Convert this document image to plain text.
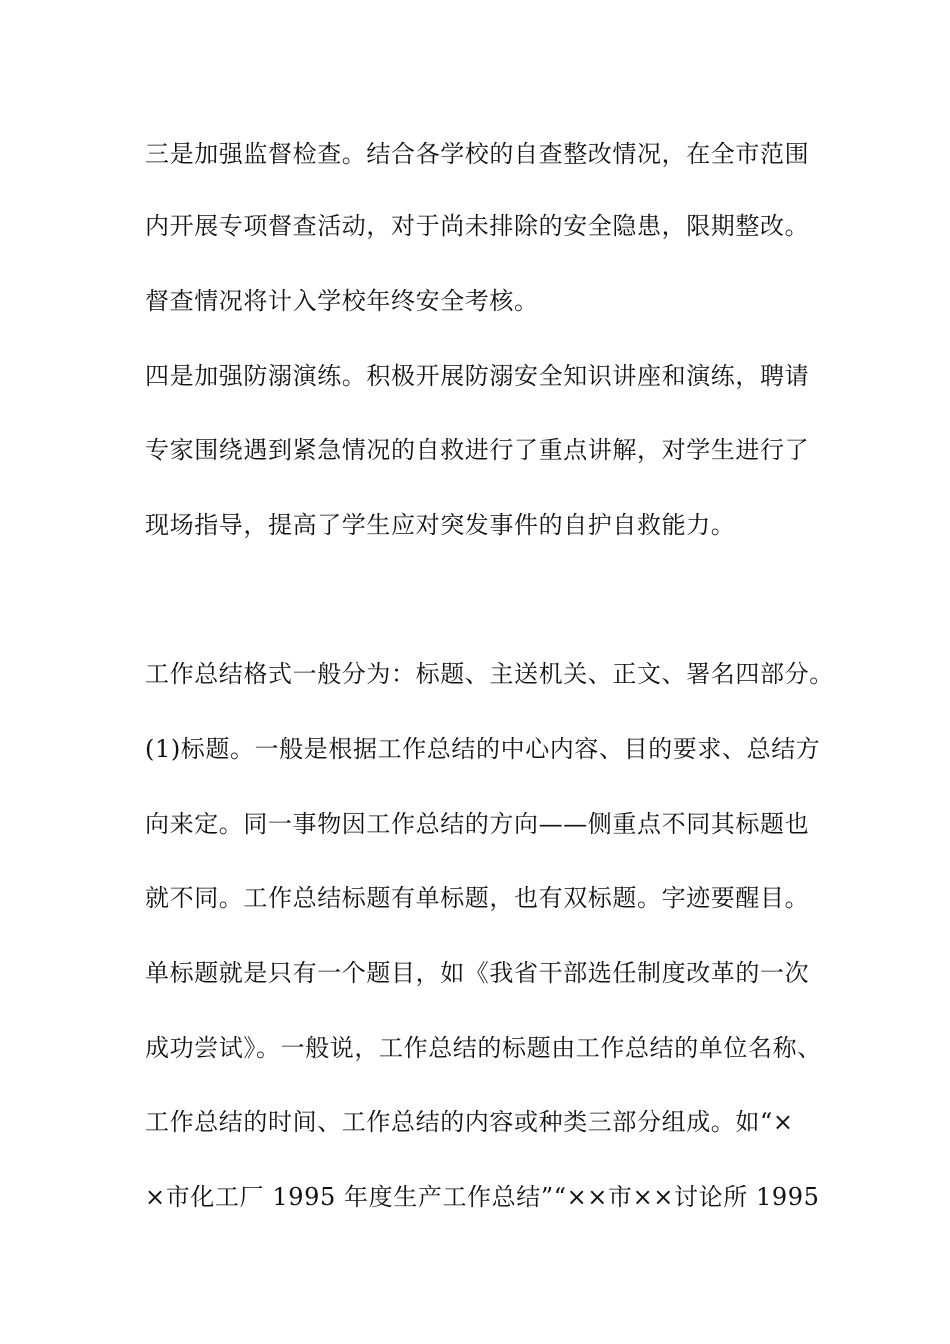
三是加强监督检查。结合各学校的自查整改情况，在全市范围
内开展专项督查活动，对于尚未排除的安全隐患，限期整改。
督查情况将计入学校年终安全考核。
四是加强防溺演练。积极开展防溺安全知识讲座和演练，聘请
专家围绕遇到紧急情况的自救进行了重点讲解，对学生进行了
现场指导，提高了学生应对突发事件的自护自救能力。
工作总结格式一般分为：标题、主送机关、正文、署名四部分。
(1)标题。一般是根据工作总结的中心内容、目的要求、总结方
向来定。同一事物因工作总结的方向——侧重点不同其标题也
就不同。工作总结标题有单标题，也有双标题。字迹要醒目。
单标题就是只有一个题目，如《我省干部选任制度改革的一次
成功尝试》。一般说，工作总结的标题由工作总结的单位名称、
工作总结的时间、工作总结的内容或种类三部分组成。如“×
×市化工厂 1995 年度生产工作总结”“××市××讨论所 1995
